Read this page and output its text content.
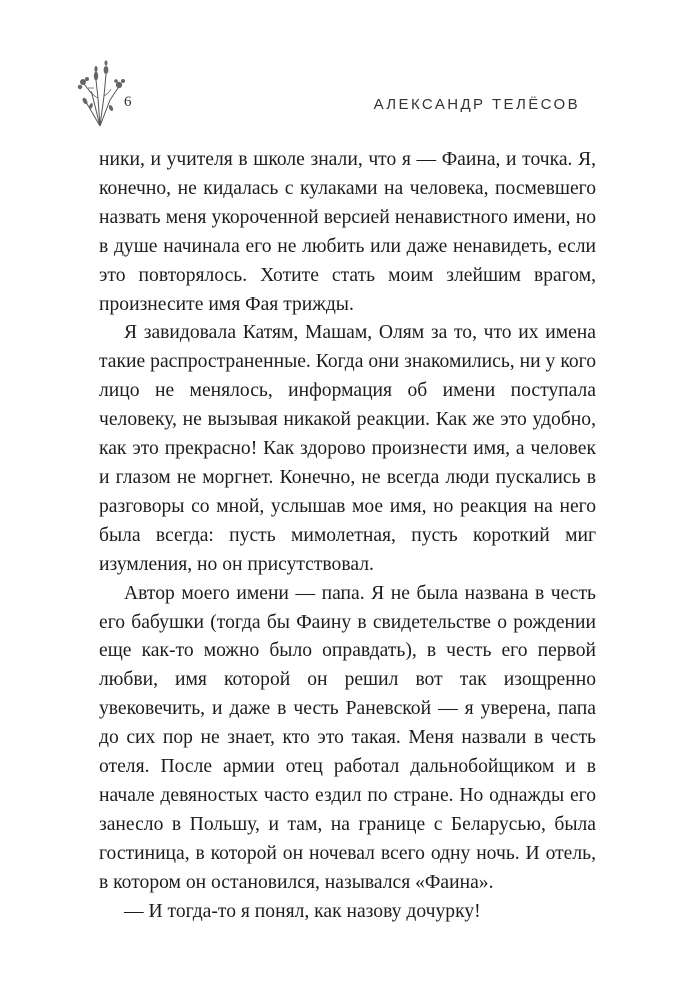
6	АЛЕКСАНДР ТЕЛЁСОВ

ники, и учителя в школе знали, что я — Фаина, и точка. Я, конечно, не кидалась с кулаками на человека, посмевшего назвать меня укороченной версией ненавистного имени, но в душе начинала его не любить или даже ненавидеть, если это повторялось. Хотите стать моим злейшим врагом, произнесите имя Фая трижды.

Я завидовала Катям, Машам, Олям за то, что их имена такие распространенные. Когда они знакомились, ни у кого лицо не менялось, информация об имени поступала человеку, не вызывая никакой реакции. Как же это удобно, как это прекрасно! Как здорово произнести имя, а человек и глазом не моргнет. Конечно, не всегда люди пускались в разговоры со мной, услышав мое имя, но реакция на него была всегда: пусть мимолетная, пусть короткий миг изумления, но он присутствовал.

Автор моего имени — папа. Я не была названа в честь его бабушки (тогда бы Фаину в свидетельстве о рождении еще как-то можно было оправдать), в честь его первой любви, имя которой он решил вот так изощренно увековечить, и даже в честь Раневской — я уверена, папа до сих пор не знает, кто это такая. Меня назвали в честь отеля. После армии отец работал дальнобойщиком и в начале девяностых часто ездил по стране. Но однажды его занесло в Польшу, и там, на границе с Беларусью, была гостиница, в которой он ночевал всего одну ночь. И отель, в котором он остановился, назывался «Фаина».

— И тогда-то я понял, как назову дочурку!
